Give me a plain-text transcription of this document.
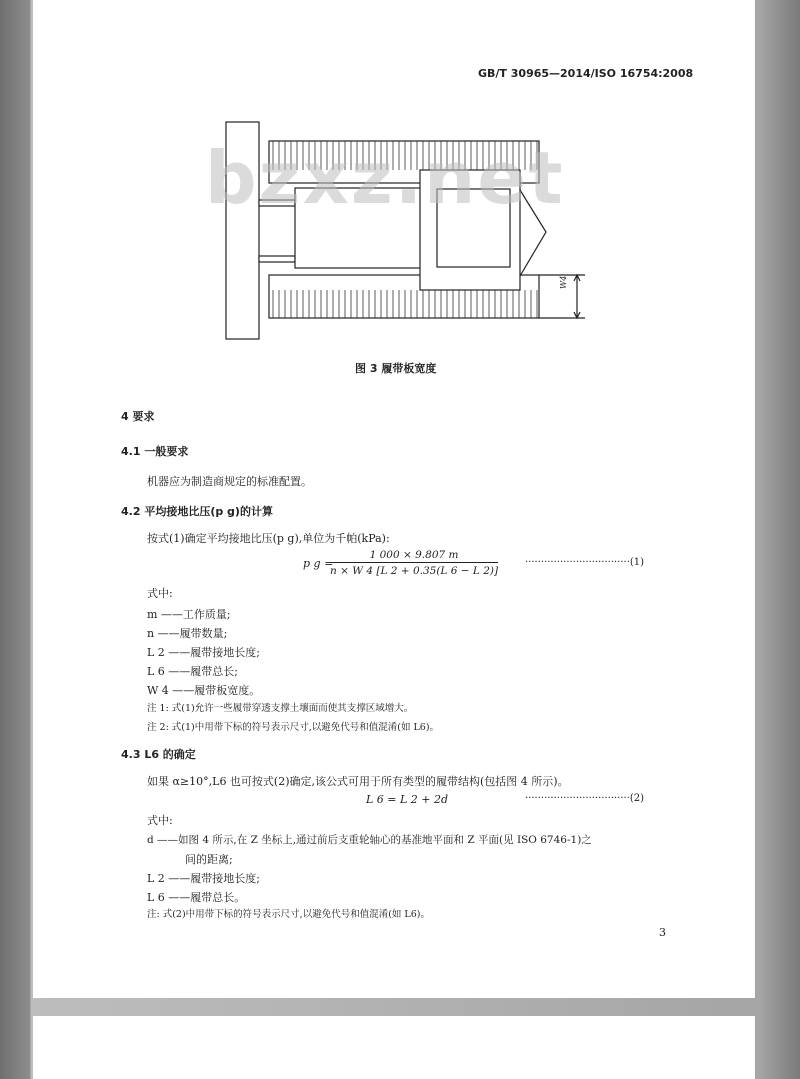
GB/T 30965—2014/ISO 16754:2008
W4
bzxz.net
图 3 履带板宽度
4 要求
4.1 一般要求
机器应为制造商规定的标准配置。
4.2 平均接地比压(p g)的计算
按式(1)确定平均接地比压(p g),单位为千帕(kPa):
p g =
$\frac{1 000 \times 9.807 m}{n \times W 4 [L 2 + 0.35(L 6 - L 2)]}$	·································(1)
式中:
m ——工作质量;
n ——履带数量;
L 2 ——履带接地长度;
L 6 ——履带总长;
W 4 ——履带板宽度。
注 1: 式(1)允许一些履带穿透支撑土壤面而使其支撑区域增大。
注 2: 式(1)中用带下标的符号表示尺寸,以避免代号和值混淆(如 L6)。
4.3 L6 的确定
如果 α≥10°,L6 也可按式(2)确定,该公式可用于所有类型的履带结构(包括图 4 所示)。
L 6 = L 2 + 2d	·································(2)
式中:
d ——如图 4 所示,在 Z 坐标上,通过前后支重轮轴心的基准地平面和 Z 平面(见 ISO 6746-1)之
间的距离;
L 2 ——履带接地长度;
L 6 ——履带总长。
注: 式(2)中用带下标的符号表示尺寸,以避免代号和值混淆(如 L6)。
3
